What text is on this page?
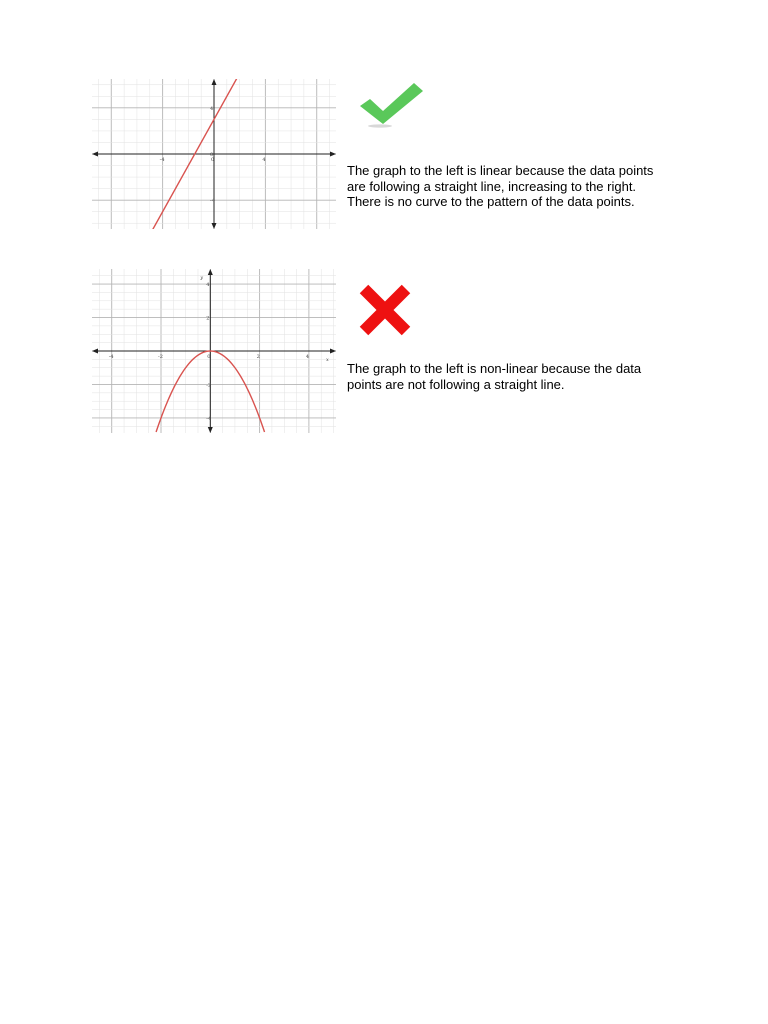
-4	0	4
4
0
-4
-4	-2	0	2	4
4
2
-2
-4
x
y

The graph to the left is linear because the data points
are following a straight line, increasing to the right.
There is no curve to the pattern of the data points.

The graph to the left is non-linear because the data
points are not following a straight line.
